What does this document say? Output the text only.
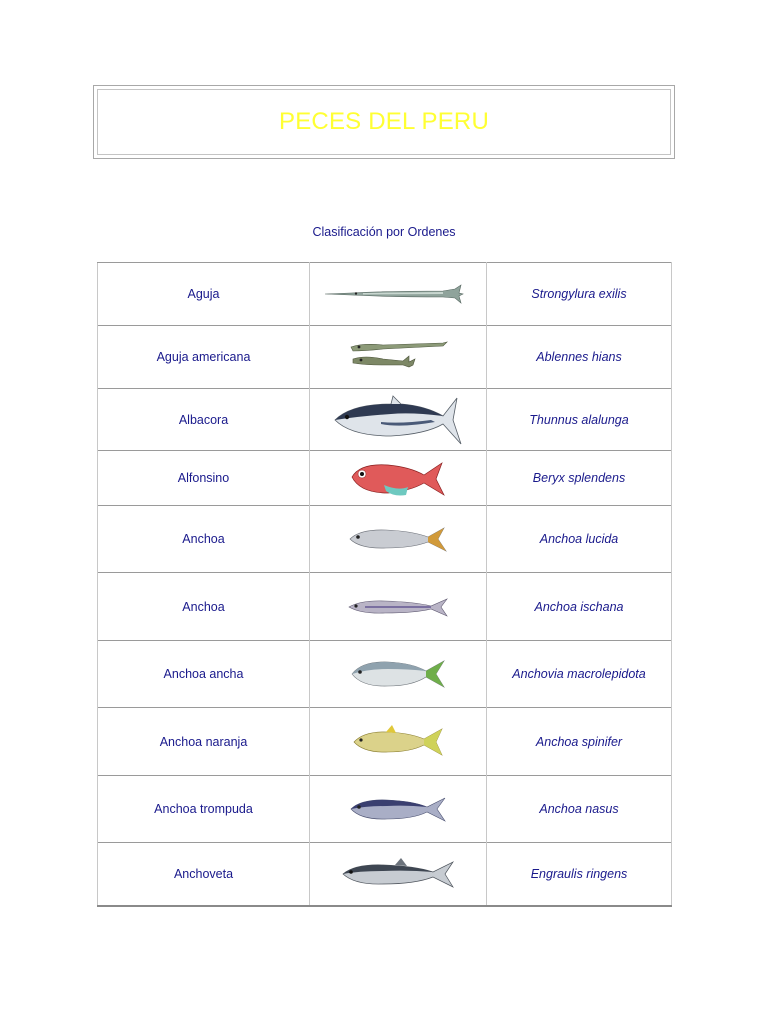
PECES DEL PERU
Clasificación por Ordenes
Aguja		Strongylura exilis
Aguja americana		Ablennes hians
Albacora		Thunnus alalunga
Alfonsino		Beryx splendens
Anchoa		Anchoa lucida
Anchoa		Anchoa ischana
Anchoa ancha		Anchovia macrolepidota
Anchoa naranja		Anchoa spinifer
Anchoa trompuda		Anchoa nasus
Anchoveta		Engraulis ringens
